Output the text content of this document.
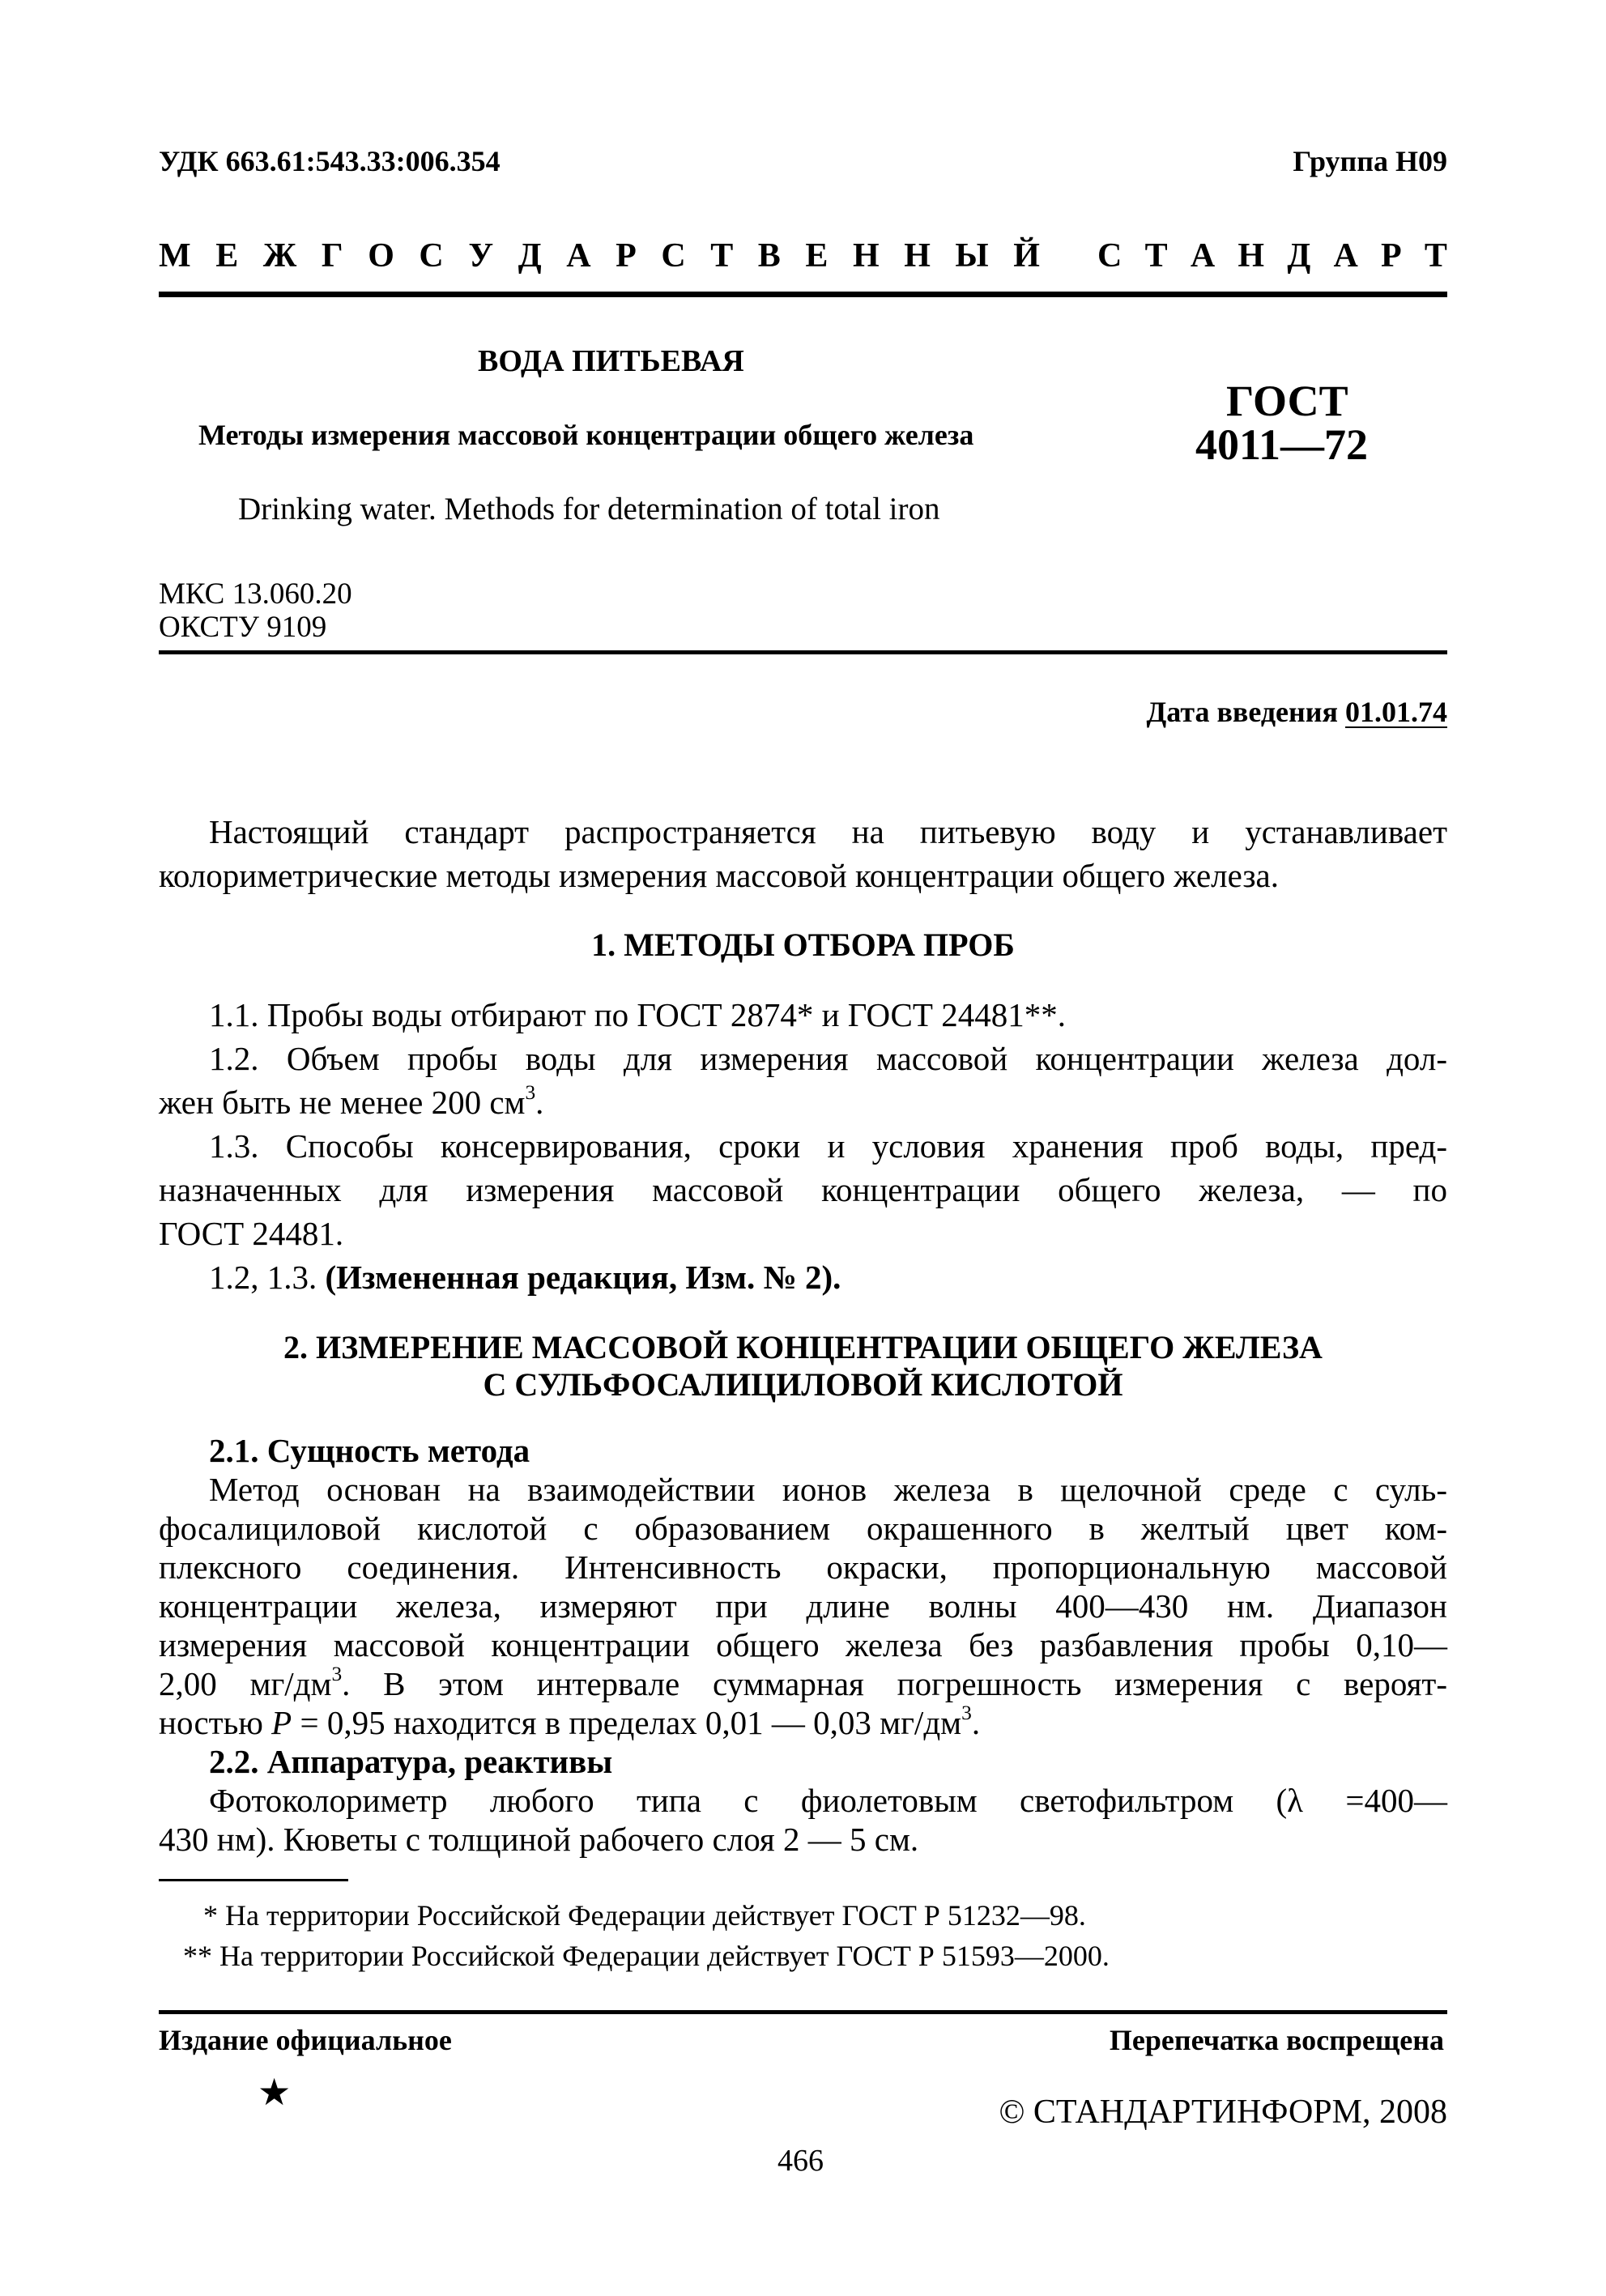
УДК 663.61:543.33:006.354	Группа Н09
М Е Ж Г О С У Д А Р С Т В Е Н Н Ы Й С Т А Н Д А Р Т
ВОДА ПИТЬЕВАЯ
Методы измерения массовой концентрации общего железа
Drinking water. Methods for determination of total iron
ГОСТ
4011—72
МКС 13.060.20
ОКСТУ 9109
Дата введения 01.01.74
Настоящий стандарт распространяется на питьевую воду и устанавливает
колориметрические методы измерения массовой концентрации общего железа.
1. МЕТОДЫ ОТБОРА ПРОБ
1.1. Пробы воды отбирают по ГОСТ 2874* и ГОСТ 24481**.
1.2. Объем пробы воды для измерения массовой концентрации железа дол-
жен быть не менее 200 $см^3$.
1.3. Способы консервирования, сроки и условия хранения проб воды, пред-
назначенных для измерения массовой концентрации общего железа, — по
ГОСТ 24481.
1.2, 1.3. (Измененная редакция, Изм. № 2).
2. ИЗМЕРЕНИЕ МАССОВОЙ КОНЦЕНТРАЦИИ ОБЩЕГО ЖЕЛЕЗА
С СУЛЬФОСАЛИЦИЛОВОЙ КИСЛОТОЙ
2.1. Сущность метода
Метод основан на взаимодействии ионов железа в щелочной среде с суль-
фосалициловой кислотой с образованием окрашенного в желтый цвет ком-
плексного соединения. Интенсивность окраски, пропорциональную массовой
концентрации железа, измеряют при длине волны 400—430 нм. Диапазон
измерения массовой концентрации общего железа без разбавления пробы 0,10—
2,00 $мг/дм^3$. В этом интервале суммарная погрешность измерения с вероят-
ностью P = 0,95 находится в пределах 0,01 — 0,03 $мг/дм^3$.
2.2. Аппаратура, реактивы
Фотоколориметр любого типа с фиолетовым светофильтром (λ =400—
430 нм). Кюветы с толщиной рабочего слоя 2 — 5 см.
* На территории Российской Федерации действует ГОСТ Р 51232—98.
** На территории Российской Федерации действует ГОСТ Р 51593—2000.
Издание официальное	Перепечатка воспрещена
★	© СТАНДАРТИНФОРМ, 2008
466
